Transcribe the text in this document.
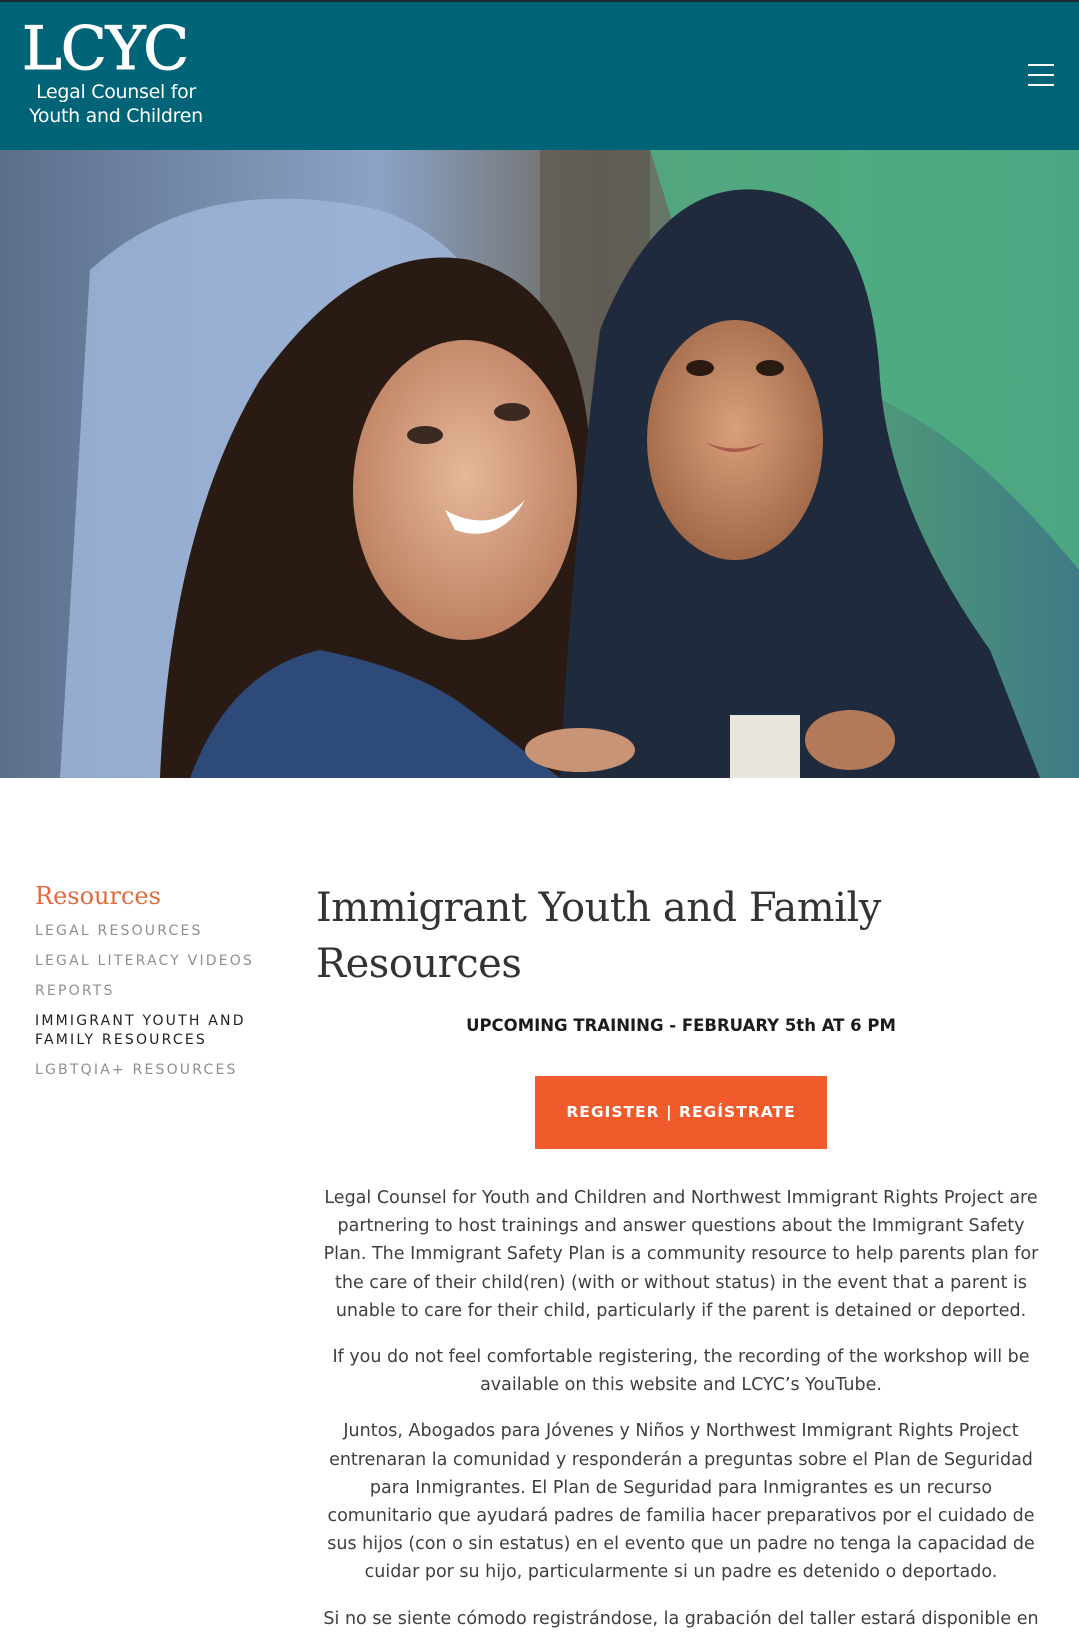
LCYC
Legal Counsel for
Youth and Children
Resources
LEGAL RESOURCES
LEGAL LITERACY VIDEOS
REPORTS
IMMIGRANT YOUTH AND FAMILY RESOURCES
LGBTQIA+ RESOURCES
Immigrant Youth and Family Resources
UPCOMING TRAINING - FEBRUARY 5th AT 6 PM
REGISTER | REGÍSTRATE

Legal Counsel for Youth and Children and Northwest Immigrant Rights Project are partnering to host trainings and answer questions about the Immigrant Safety Plan. The Immigrant Safety Plan is a community resource to help parents plan for the care of their child(ren) (with or without status) in the event that a parent is unable to care for their child, particularly if the parent is detained or deported.

If you do not feel comfortable registering, the recording of the workshop will be available on this website and LCYC’s YouTube.

Juntos, Abogados para Jóvenes y Niños y Northwest Immigrant Rights Project entrenaran la comunidad y responderán a preguntas sobre el Plan de Seguridad para Inmigrantes. El Plan de Seguridad para Inmigrantes es un recurso comunitario que ayudará padres de familia hacer preparativos por el cuidado de sus hijos (con o sin estatus) en el evento que un padre no tenga la capacidad de cuidar por su hijo, particularmente si un padre es detenido o deportado.

Si no se siente cómodo registrándose, la grabación del taller estará disponible en
